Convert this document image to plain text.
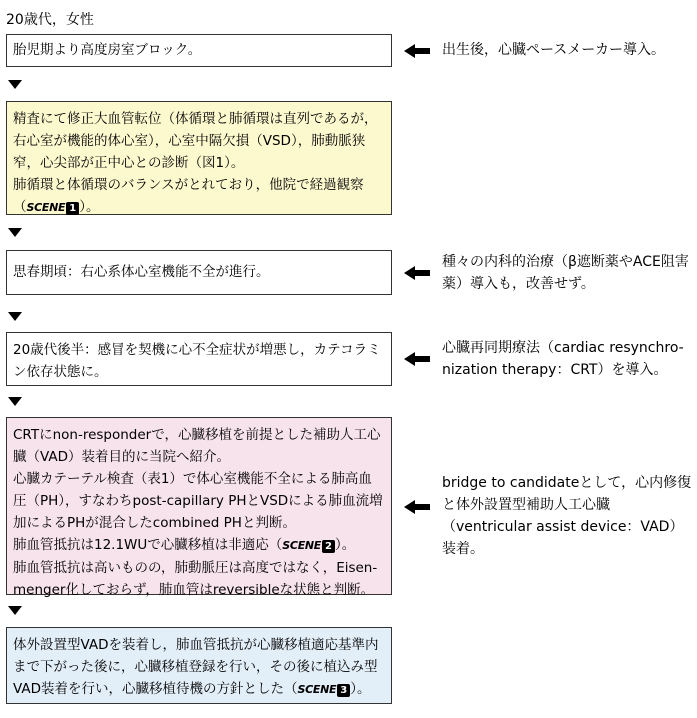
20歳代，女性

胎児期より高度房室ブロック。	出生後，心臓ペースメーカー導入。

精査にて修正大血管転位（体循環と肺循環は直列であるが，右心室が機能的体心室），心室中隔欠損（VSD），肺動脈狭窄，心尖部が正中心との診断（図1）。

肺循環と体循環のバランスがとれており，他院で経過観察

（SCENE 1 ）。

思春期頃：右心系体心室機能不全が進行。

種々の内科的治療（β遮断薬やACE阻害薬）導入も，改善せず。

20歳代後半：感冒を契機に心不全症状が増悪し，カテコラミン依存状態に。

心臓再同期療法（cardiac resynchro-nization therapy：CRT）を導入。

CRTにnon-responderで，心臓移植を前提とした補助人工心臓（VAD）装着目的に当院へ紹介。

心臓カテーテル検査（表1）で体心室機能不全による肺高血圧（PH），すなわちpost-capillary PHとVSDによる肺血流増加によるPHが混合したcombined PHと判断。

肺血管抵抗は12.1WUで心臓移植は非適応（SCENE 2 ）。

肺血管抵抗は高いものの，肺動脈圧は高度ではなく，Eisen-menger化しておらず，肺血管はreversibleな状態と判断。

bridge to candidateとして，心内修復と体外設置型補助人工心臓（ventricular assist device：VAD）装着。

体外設置型VADを装着し，肺血管抵抗が心臓移植適応基準内まで下がった後に，心臓移植登録を行い，その後に植込み型VAD装着を行い，心臓移植待機の方針とした（SCENE 3 ）。
